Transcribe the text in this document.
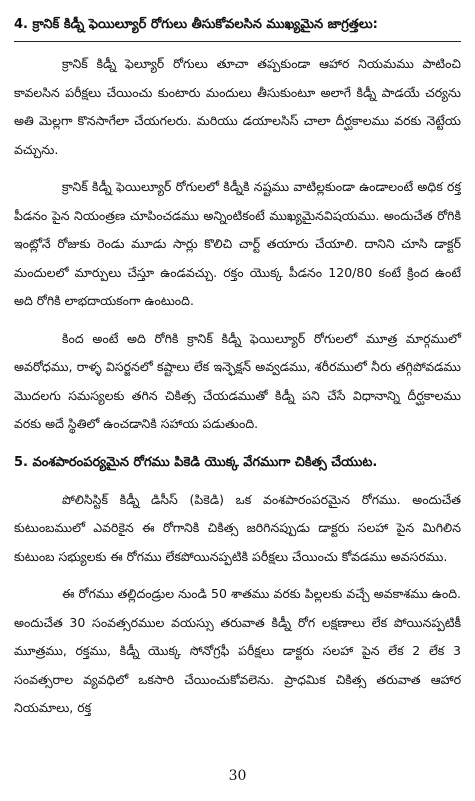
4. క్రానిక్ కిడ్నీ ఫెయిల్యూర్ రోగులు తీసుకోవలసిన ముఖ్యమైన జాగ్రత్తలు:

క్రానిక్ కిడ్నీ ఫెల్యూర్ రోగులు తూచా తప్పకుండా ఆహార నియమము పాటించి కావలసిన పరీక్షలు చేయించు కుంటారు మందులు తీసుకుంటూ అలాగే కిడ్నీ పాడయే చర్యను అతి మెల్లగా కొనసాగేలా చేయగలరు. మరియు డయాలసిస్ చాలా దీర్ఘకాలము వరకు నెట్టేయ వచ్చును.

క్రానిక్ కిడ్నీ ఫెయిల్యూర్ రోగులలో కిడ్నీకి నష్టము వాటిల్లకుండా ఉండాలంటే అధిక రక్త పీడనం పైన నియంత్రణ చూపించడము అన్నింటికంటే ముఖ్యమైనవిషయము. అందుచేత రోగికి ఇంట్లోనే రోజుకు రెండు మూడు సార్లు కొలిచి చార్ట్ తయారు చేయాలి. దానిని చూసి డాక్టర్ మందులలో మార్పులు చేస్తూ ఉండవచ్చు. రక్తం యొక్క పీడనం 120/80 కంటే క్రింద ఉంటే అది రోగికి లాభదాయకంగా ఉంటుంది.

కింద అంటే అది రోగికి క్రానిక్ కిడ్నీ ఫెయిల్యూర్ రోగులలో మూత్ర మార్గములో అవరోధము, రాళ్ళ విసర్జనలో కష్టాలు లేక ఇన్ఫెక్షన్ అవ్వడము, శరీరములో నీరు తగ్గిపోవడము మొదలగు సమస్యలకు తగిన చికిత్స చేయడముతో కిడ్నీ పని చేసే విధానాన్ని దీర్ఘకాలము వరకు అదే స్థితిలో ఉంచడానికి సహాయ పడుతుంది.

5. వంశపారంపర్యమైన రోగము పికెడి యొక్క వేగముగా చికిత్స చేయుట.

పోలిసిస్టిక్ కిడ్నీ డిసీస్ (పికెడి) ఒక వంశపారంపరమైన రోగము. అందుచేత కుటుంబములో ఎవరికైన ఈ రోగానికి చికిత్స జరిగినప్పుడు డాక్టరు సలహా పైన మిగిలిన కుటుంబ సభ్యులకు ఈ రోగము లేకపోయినప్పటికి పరీక్షలు చేయించు కోవడము అవసరము.

ఈ రోగము తల్లిదండ్రుల నుండి 50 శాతము వరకు పిల్లలకు వచ్చే అవకాశము ఉంది. అందుచేత 30 సంవత్సరముల వయస్సు తరువాత కిడ్నీ రోగ లక్షణాలు లేక పోయినప్పటికీ మూత్రము, రక్తము, కిడ్నీ యొక్క సోనోగ్రఫీ పరీక్షలు డాక్టరు సలహా పైన లేక 2 లేక 3 సంవత్సరాల వ్యవధిలో ఒకసారి చేయించుకోవలెను. ప్రాధమిక చికిత్స తరువాత ఆహార నియమాలు, రక్త

30
